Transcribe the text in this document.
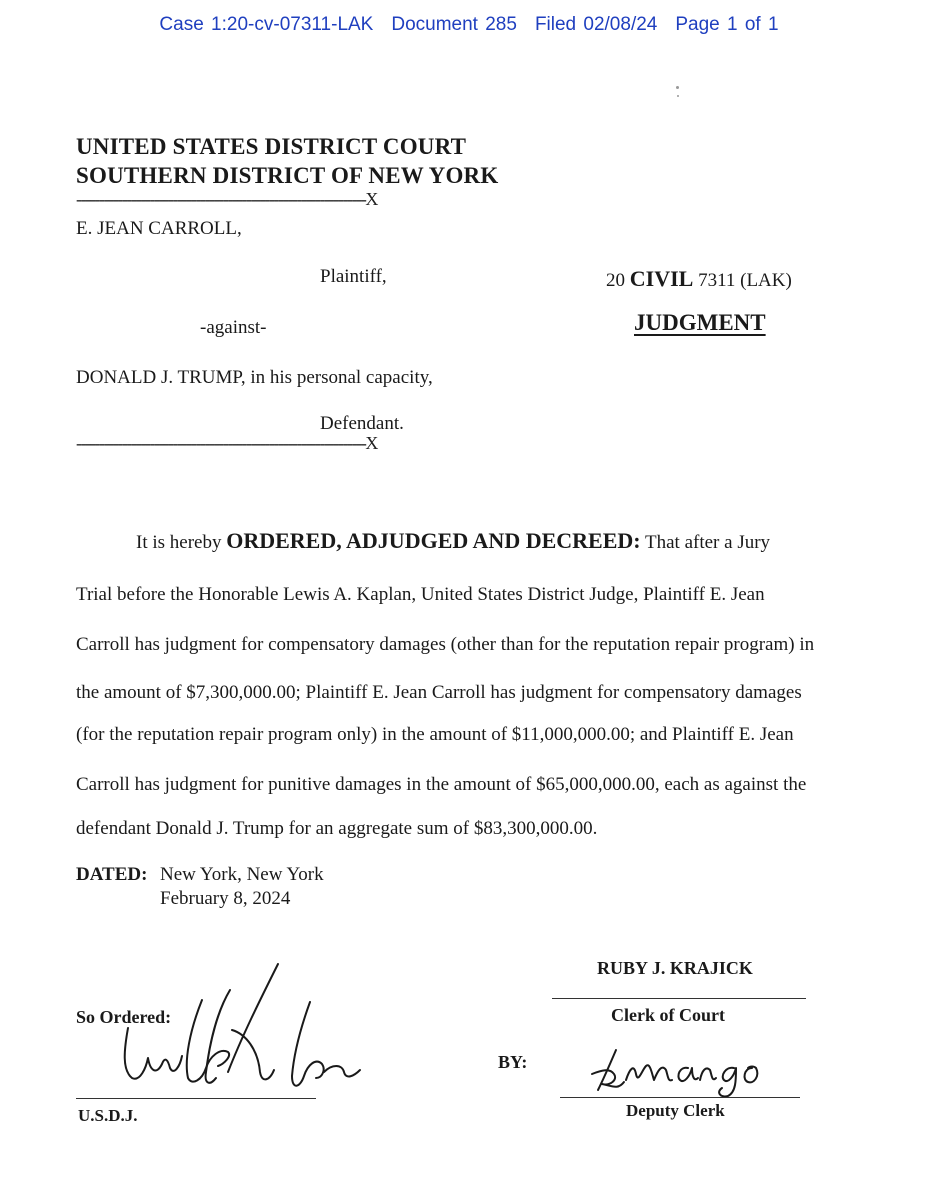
Case 1:20-cv-07311-LAK Document 285 Filed 02/08/24 Page 1 of 1
UNITED STATES DISTRICT COURT
SOUTHERN DISTRICT OF NEW YORK
---------------------------------------------------------------X
E. JEAN CARROLL,
Plaintiff,
-against-
DONALD J. TRUMP, in his personal capacity,
Defendant.
---------------------------------------------------------------X
20 CIVIL 7311 (LAK)
JUDGMENT
It is hereby ORDERED, ADJUDGED AND DECREED: That after a Jury
Trial before the Honorable Lewis A. Kaplan, United States District Judge, Plaintiff E. Jean
Carroll has judgment for compensatory damages (other than for the reputation repair program) in
the amount of $7,300,000.00; Plaintiff E. Jean Carroll has judgment for compensatory damages
(for the reputation repair program only) in the amount of $11,000,000.00; and Plaintiff E. Jean
Carroll has judgment for punitive damages in the amount of $65,000,000.00, each as against the
defendant Donald J. Trump for an aggregate sum of $83,300,000.00.
DATED: New York, New York
February 8, 2024
So Ordered:
U.S.D.J.
L Kaplan
RUBY J. KRAJICK
Clerk of Court
BY:
K Mango
Deputy Clerk
